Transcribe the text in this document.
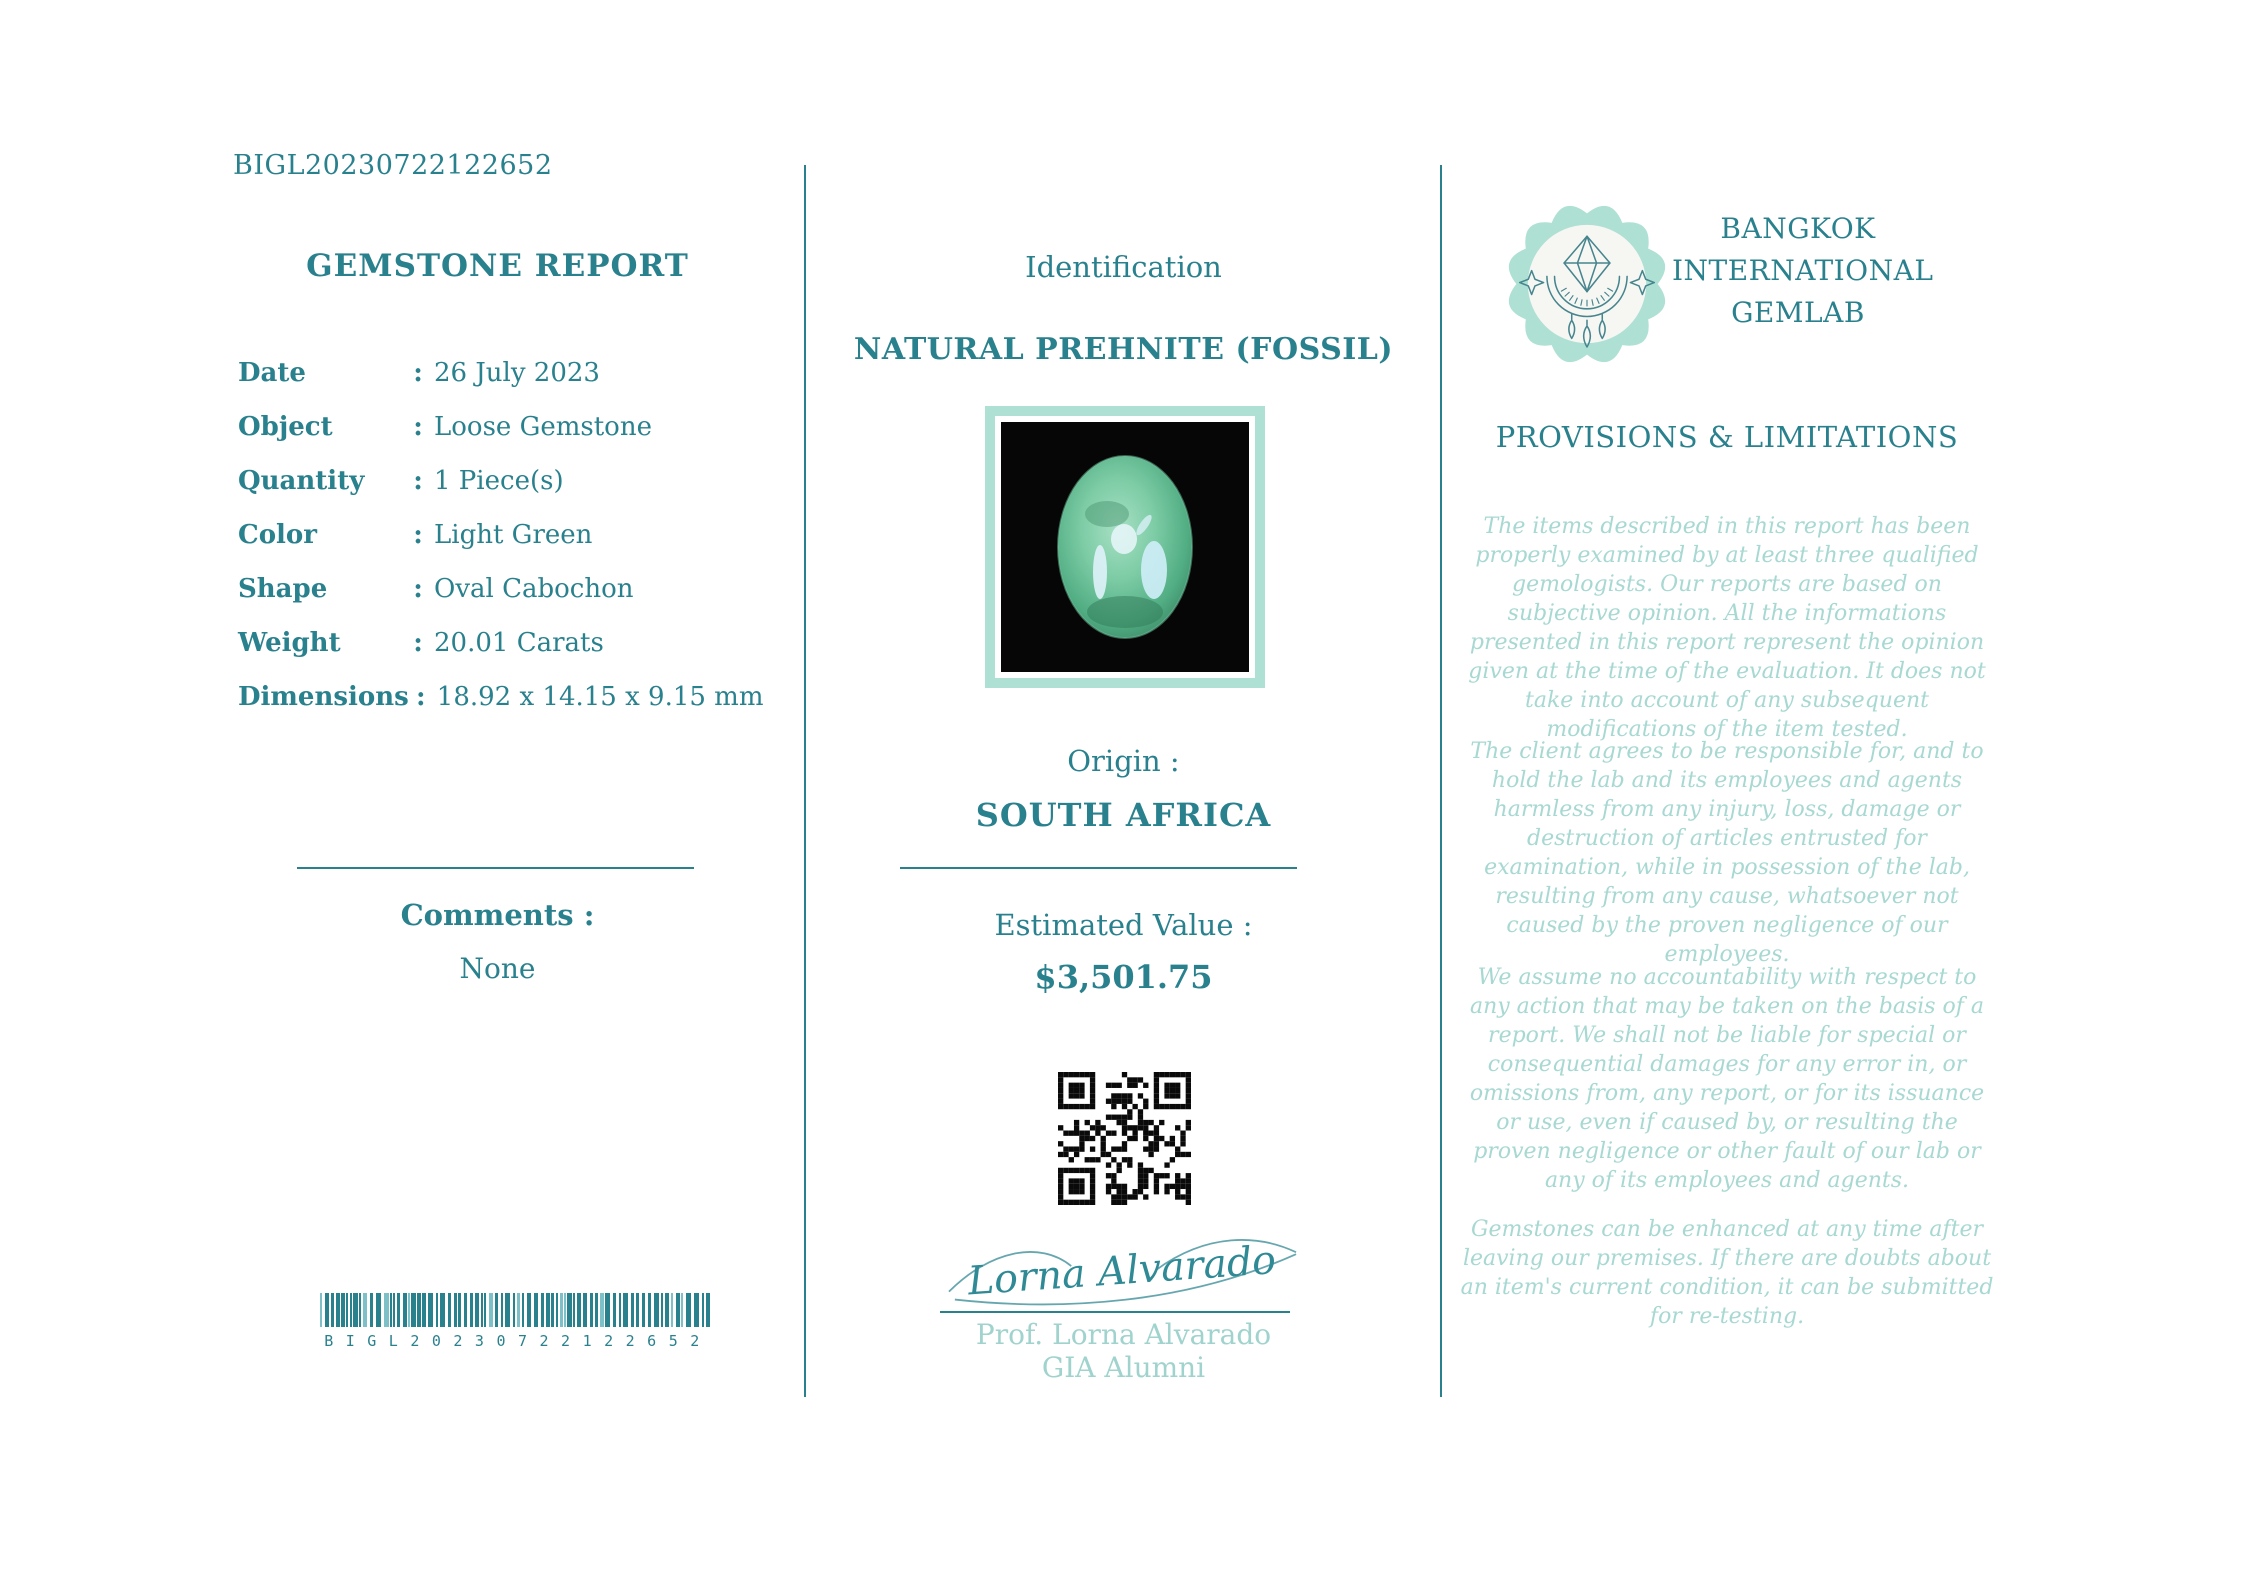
BIGL20230722122652
GEMSTONE REPORT
Date	: 26 July 2023
Object	: Loose Gemstone
Quantity	: 1 Piece(s)
Color	: Light Green
Shape	: Oval Cabochon
Weight	: 20.01 Carats
Dimensions : 18.92 x 14.15 x 9.15 mm
Comments :
None
BIGL20230722122652
Identification
NATURAL PREHNITE (FOSSIL)
Origin :
SOUTH AFRICA
Estimated Value :
$3,501.75
Lorna Alvarado
Prof. Lorna Alvarado
GIA Alumni
BANGKOK
INTERNATIONAL
GEMLAB
PROVISIONS & LIMITATIONS
The items described in this report has been properly examined by at least three qualified gemologists. Our reports are based on subjective opinion. All the informations presented in this report represent the opinion given at the time of the evaluation. It does not take into account of any subsequent modifications of the item tested.
The client agrees to be responsible for, and to hold the lab and its employees and agents harmless from any injury, loss, damage or destruction of articles entrusted for examination, while in possession of the lab, resulting from any cause, whatsoever not caused by the proven negligence of our employees.
We assume no accountability with respect to any action that may be taken on the basis of a report. We shall not be liable for special or consequential damages for any error in, or omissions from, any report, or for its issuance or use, even if caused by, or resulting the proven negligence or other fault of our lab or any of its employees and agents.
Gemstones can be enhanced at any time after leaving our premises. If there are doubts about an item's current condition, it can be submitted for re-testing.
